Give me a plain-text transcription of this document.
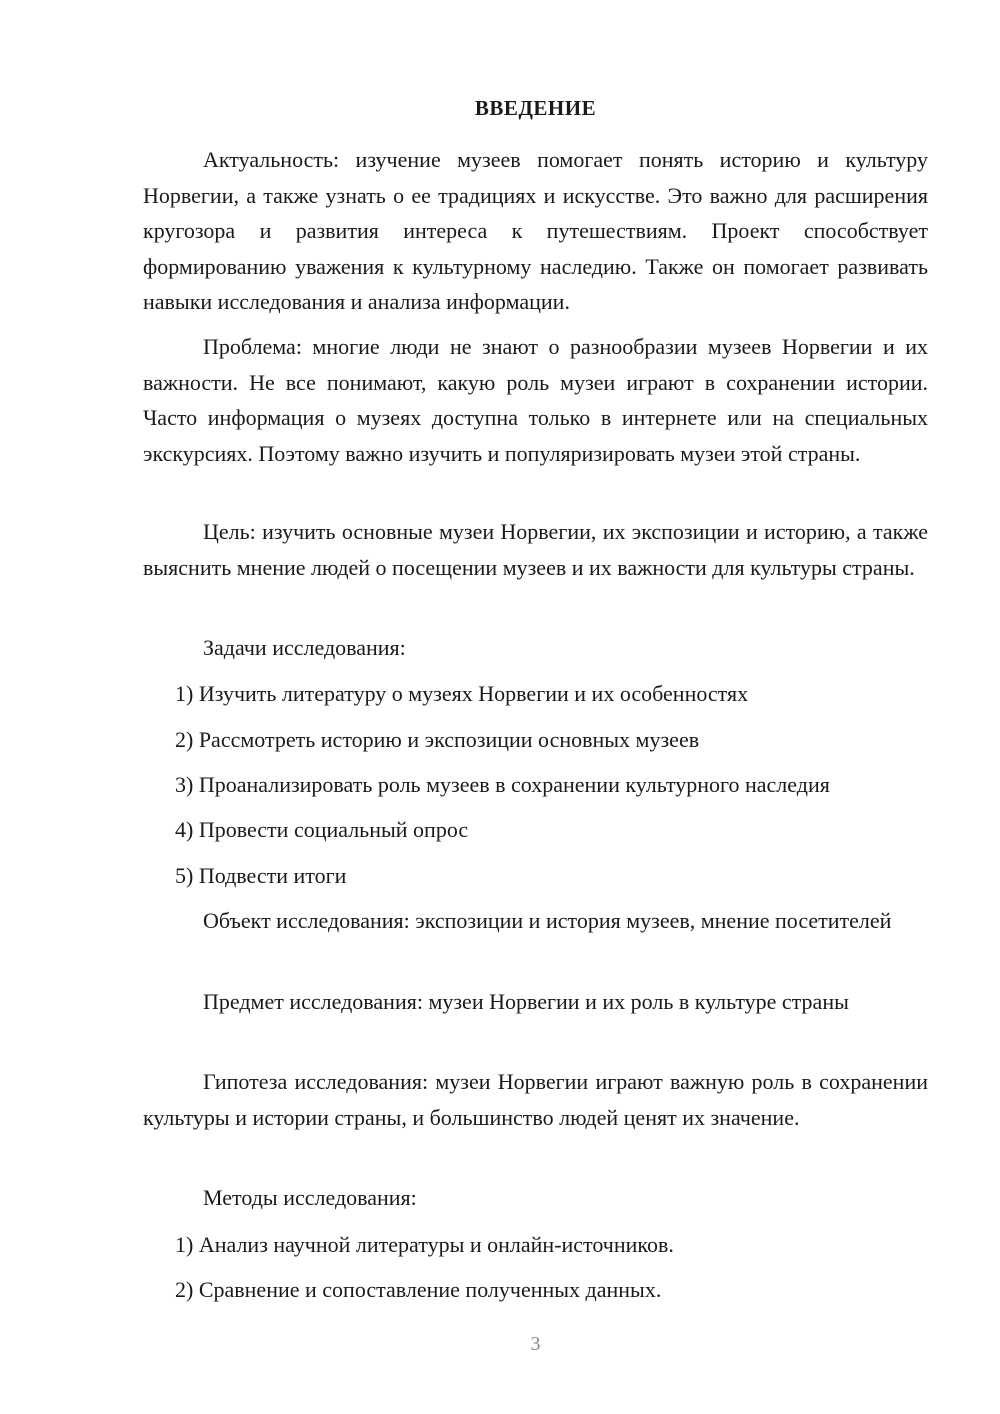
ВВЕДЕНИЕ

Актуальность: изучение музеев помогает понять историю и культуру Норвегии, а также узнать о ее традициях и искусстве. Это важно для расширения кругозора и развития интереса к путешествиям. Проект способствует формированию уважения к культурному наследию. Также он помогает развивать навыки исследования и анализа информации.

Проблема: многие люди не знают о разнообразии музеев Норвегии и их важности. Не все понимают, какую роль музеи играют в сохранении истории. Часто информация о музеях доступна только в интернете или на специальных экскурсиях. Поэтому важно изучить и популяризировать музеи этой страны.

Цель: изучить основные музеи Норвегии, их экспозиции и историю, а также выяснить мнение людей о посещении музеев и их важности для культуры страны.

Задачи исследования:

1) Изучить литературу о музеях Норвегии и их особенностях

2) Рассмотреть историю и экспозиции основных музеев

3) Проанализировать роль музеев в сохранении культурного наследия

4) Провести социальный опрос

5) Подвести итоги

Объект исследования: экспозиции и история музеев, мнение посетителей

Предмет исследования: музеи Норвегии и их роль в культуре страны

Гипотеза исследования: музеи Норвегии играют важную роль в сохранении культуры и истории страны, и большинство людей ценят их значение.

Методы исследования:

1) Анализ научной литературы и онлайн-источников.

2) Сравнение и сопоставление полученных данных.

3
